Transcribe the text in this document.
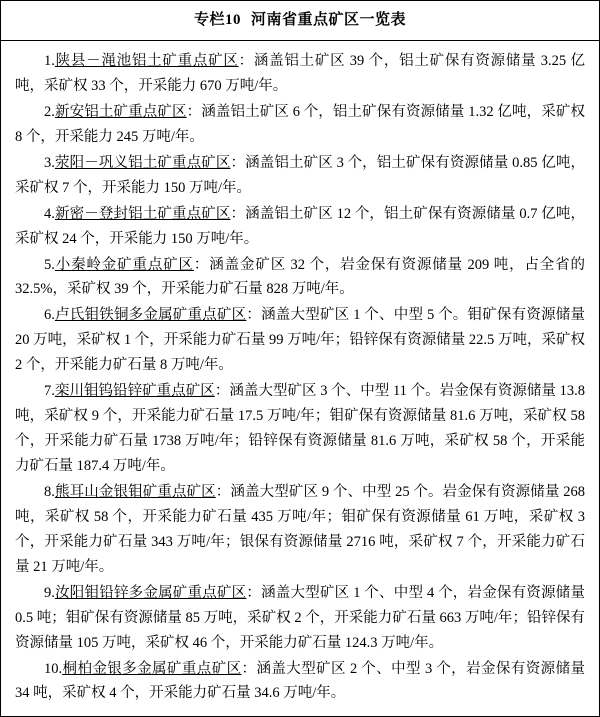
专栏10 河南省重点矿区一览表

1.陕县－渑池铝土矿重点矿区：涵盖铝土矿区 39 个，铝土矿保有资源储量 3.25 亿吨，采矿权 33 个，开采能力 670 万吨/年。

2.新安铝土矿重点矿区：涵盖铝土矿区 6 个，铝土矿保有资源储量 1.32 亿吨，采矿权 8 个，开采能力 245 万吨/年。

3.荥阳－巩义铝土矿重点矿区：涵盖铝土矿区 3 个，铝土矿保有资源储量 0.85 亿吨，采矿权 7 个，开采能力 150 万吨/年。

4.新密－登封铝土矿重点矿区：涵盖铝土矿区 12 个，铝土矿保有资源储量 0.7 亿吨，采矿权 24 个，开采能力 150 万吨/年。

5.小秦岭金矿重点矿区：涵盖金矿区 32 个，岩金保有资源储量 209 吨，占全省的 32.5%，采矿权 39 个，开采能力矿石量 828 万吨/年。

6.卢氏钼铁铜多金属矿重点矿区：涵盖大型矿区 1 个、中型 5 个。钼矿保有资源储量 20 万吨，采矿权 1 个，开采能力矿石量 99 万吨/年；铅锌保有资源储量 22.5 万吨，采矿权 2 个，开采能力矿石量 8 万吨/年。

7.栾川钼钨铅锌矿重点矿区：涵盖大型矿区 3 个、中型 11 个。岩金保有资源储量 13.8 吨，采矿权 9 个，开采能力矿石量 17.5 万吨/年；钼矿保有资源储量 81.6 万吨，采矿权 58 个，开采能力矿石量 1738 万吨/年；铅锌保有资源储量 81.6 万吨，采矿权 58 个，开采能力矿石量 187.4 万吨/年。

8.熊耳山金银钼矿重点矿区：涵盖大型矿区 9 个、中型 25 个。岩金保有资源储量 268 吨，采矿权 58 个，开采能力矿石量 435 万吨/年；钼矿保有资源储量 61 万吨，采矿权 3 个，开采能力矿石量 343 万吨/年；银保有资源储量 2716 吨，采矿权 7 个，开采能力矿石量 21 万吨/年。

9.汝阳钼铅锌多金属矿重点矿区：涵盖大型矿区 1 个、中型 4 个，岩金保有资源储量 0.5 吨；钼矿保有资源储量 85 万吨，采矿权 2 个，开采能力矿石量 663 万吨/年；铅锌保有资源储量 105 万吨，采矿权 46 个，开采能力矿石量 124.3 万吨/年。

10.桐柏金银多金属矿重点矿区：涵盖大型矿区 2 个、中型 3 个，岩金保有资源储量 34 吨，采矿权 4 个，开采能力矿石量 34.6 万吨/年。
